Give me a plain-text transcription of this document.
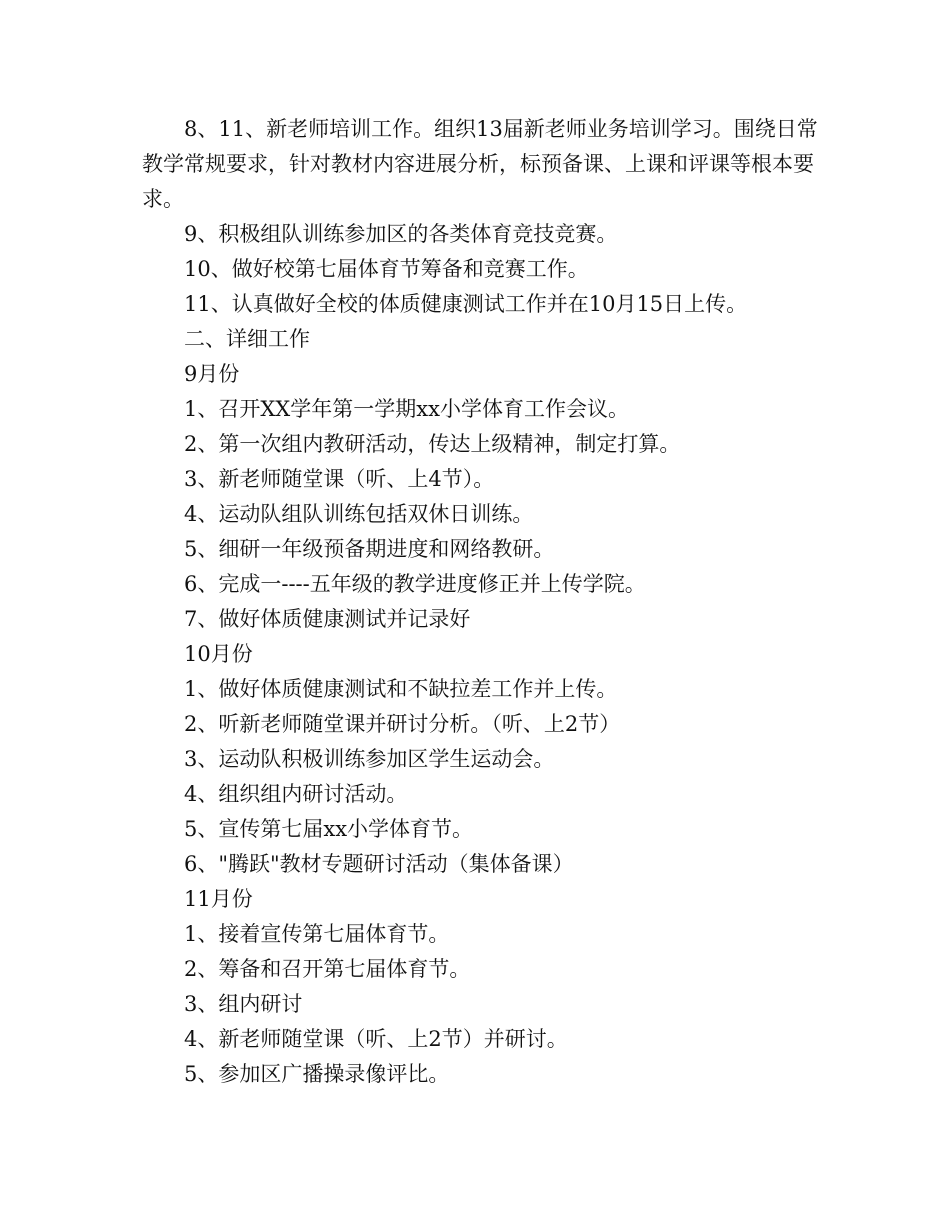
8、11、新老师培训工作。组织13届新老师业务培训学习。围绕日常教学常规要求，针对教材内容进展分析，标预备课、上课和评课等根本要求。

9、积极组队训练参加区的各类体育竞技竞赛。

10、做好校第七届体育节筹备和竞赛工作。

11、认真做好全校的体质健康测试工作并在10月15日上传。

二、详细工作

9月份

1、召开XX学年第一学期xx小学体育工作会议。

2、第一次组内教研活动，传达上级精神，制定打算。

3、新老师随堂课（听、上4节）。

4、运动队组队训练包括双休日训练。

5、细研一年级预备期进度和网络教研。

6、完成一----五年级的教学进度修正并上传学院。

7、做好体质健康测试并记录好

10月份

1、做好体质健康测试和不缺拉差工作并上传。

2、听新老师随堂课并研讨分析。（听、上2节）

3、运动队积极训练参加区学生运动会。

4、组织组内研讨活动。

5、宣传第七届xx小学体育节。

6、"腾跃"教材专题研讨活动（集体备课）

11月份

1、接着宣传第七届体育节。

2、筹备和召开第七届体育节。

3、组内研讨

4、新老师随堂课（听、上2节）并研讨。

5、参加区广播操录像评比。
